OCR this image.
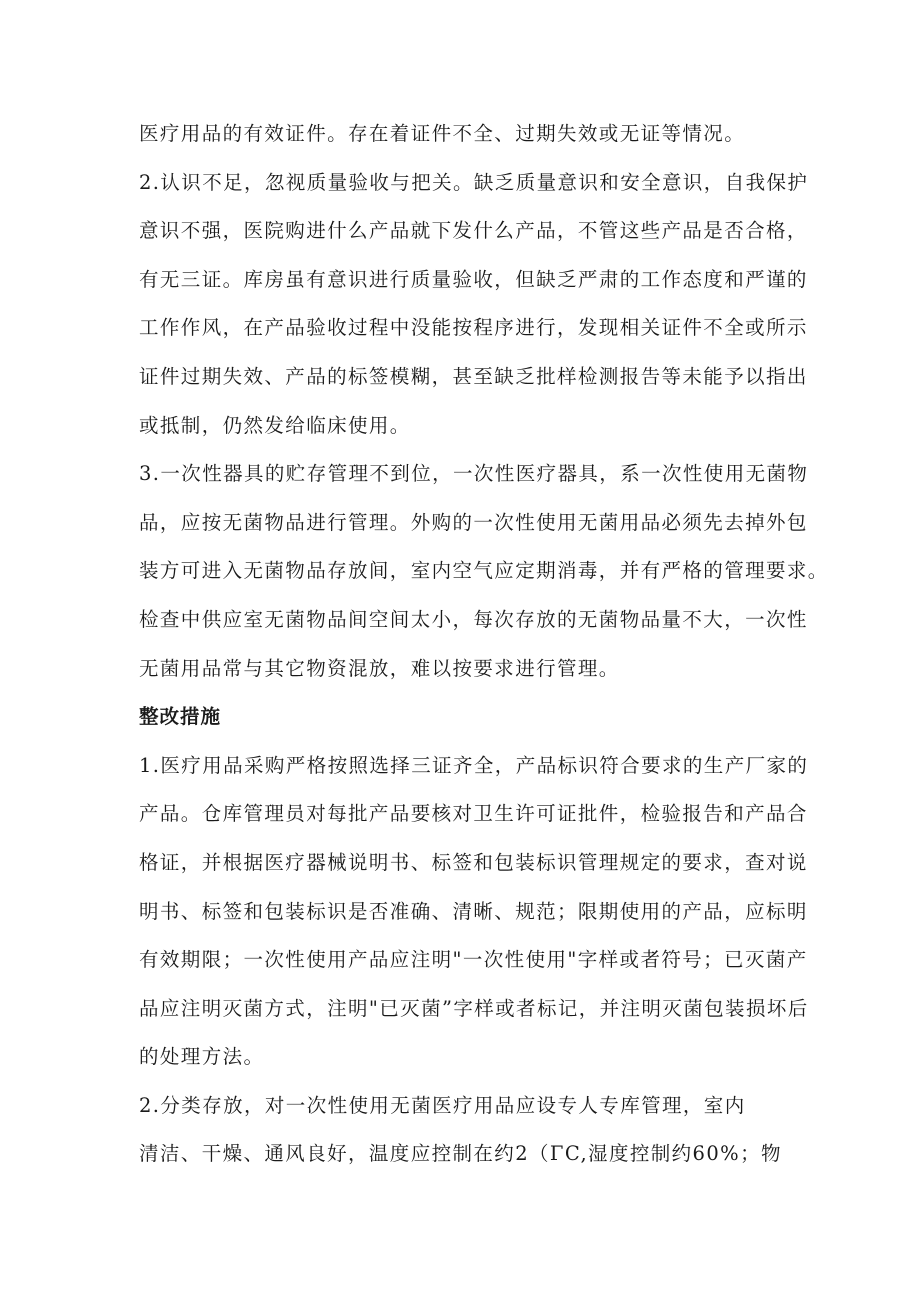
医疗用品的有效证件。存在着证件不全、过期失效或无证等情况。
2.认识不足，忽视质量验收与把关。缺乏质量意识和安全意识，自我保护
意识不强，医院购进什么产品就下发什么产品，不管这些产品是否合格，
有无三证。库房虽有意识进行质量验收，但缺乏严肃的工作态度和严谨的
工作作风，在产品验收过程中没能按程序进行，发现相关证件不全或所示
证件过期失效、产品的标签模糊，甚至缺乏批样检测报告等未能予以指出
或抵制，仍然发给临床使用。
3.一次性器具的贮存管理不到位，一次性医疗器具，系一次性使用无菌物
品，应按无菌物品进行管理。外购的一次性使用无菌用品必须先去掉外包
装方可进入无菌物品存放间，室内空气应定期消毒，并有严格的管理要求。
检查中供应室无菌物品间空间太小，每次存放的无菌物品量不大，一次性
无菌用品常与其它物资混放，难以按要求进行管理。
整改措施
1.医疗用品采购严格按照选择三证齐全，产品标识符合要求的生产厂家的
产品。仓库管理员对每批产品要核对卫生许可证批件，检验报告和产品合
格证，并根据医疗器械说明书、标签和包装标识管理规定的要求，查对说
明书、标签和包装标识是否准确、清晰、规范；限期使用的产品，应标明
有效期限；一次性使用产品应注明"一次性使用"字样或者符号；已灭菌产
品应注明灭菌方式，注明"已灭菌”字样或者标记，并注明灭菌包装损坏后
的处理方法。
2.分类存放，对一次性使用无菌医疗用品应设专人专库管理，室内
清洁、干燥、通风良好，温度应控制在约2（ΓC,湿度控制约60%；物
